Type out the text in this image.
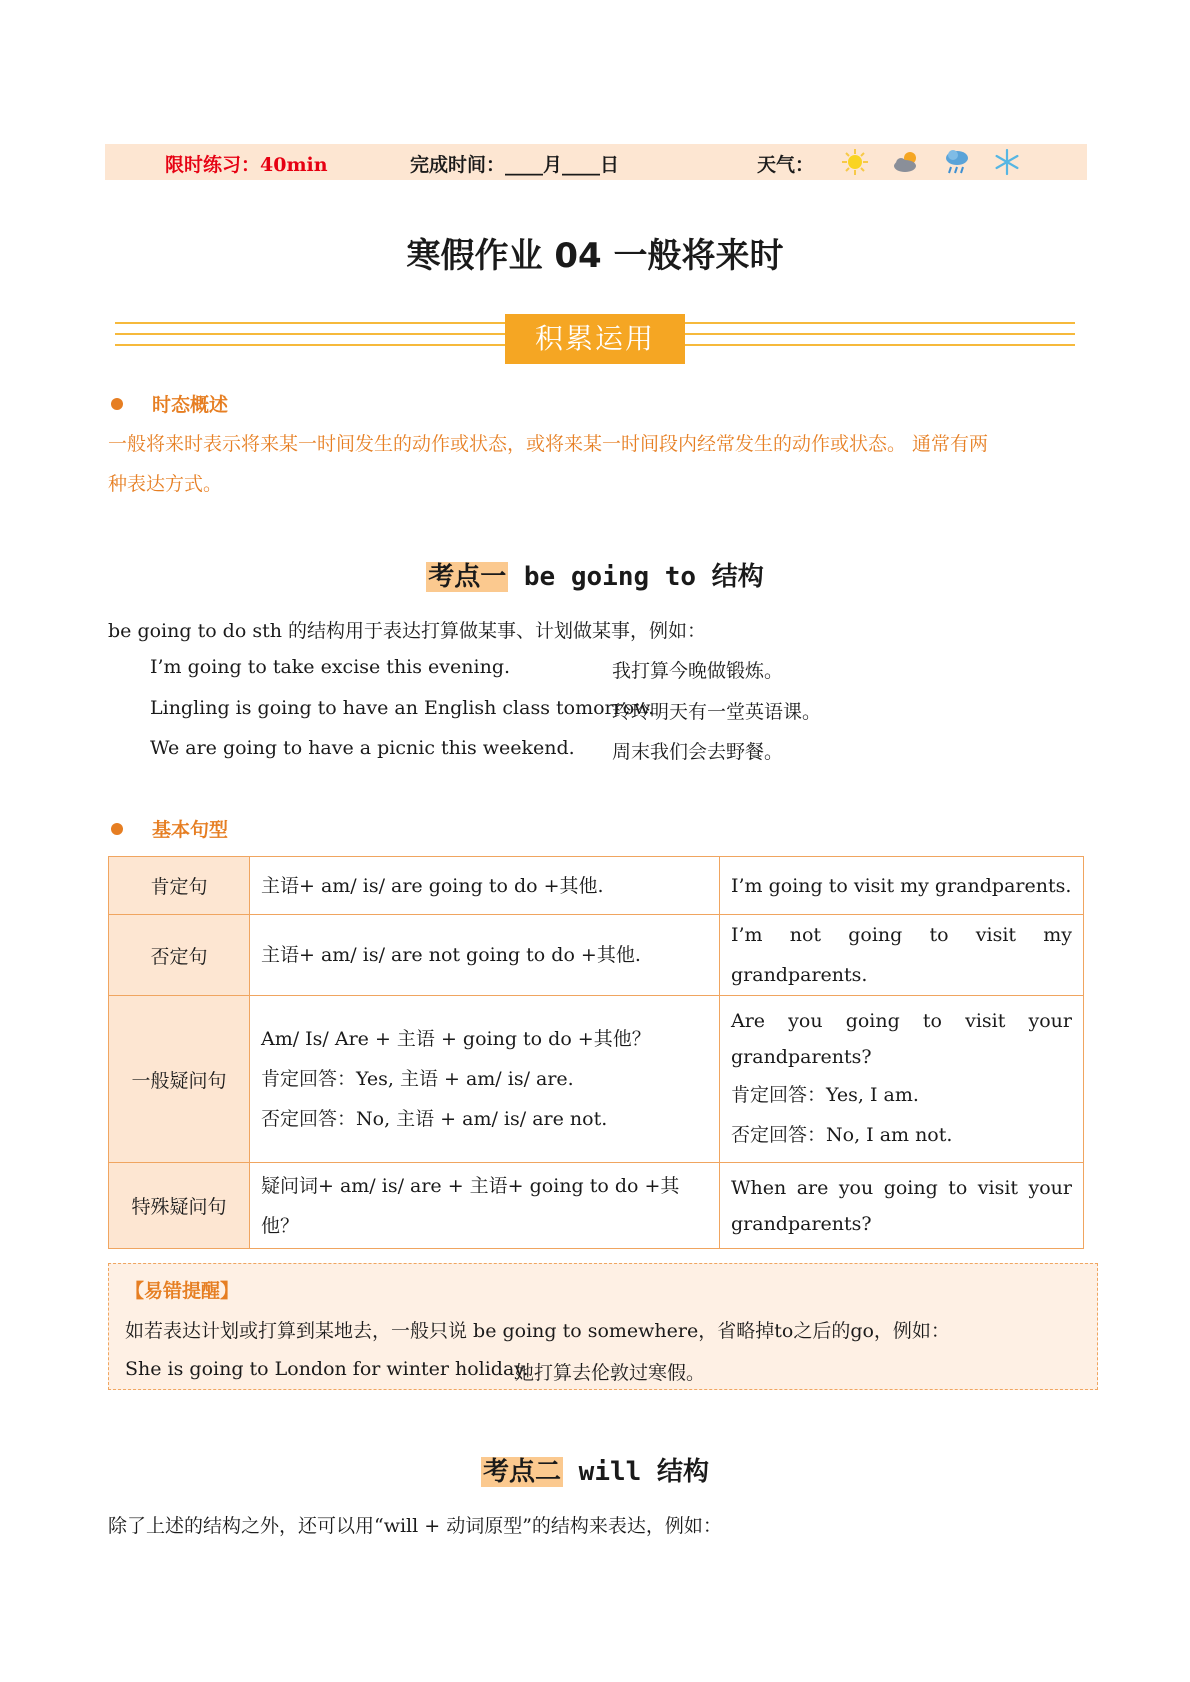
限时练习：40min	完成时间：____月____日	天气：
寒假作业 04 一般将来时
积累运用
时态概述
一般将来时表示将来某一时间发生的动作或状态，或将来某一时间段内经常发生的动作或状态。 通常有两
种表达方式。
考点一 be going to 结构
be going to do sth 的结构用于表达打算做某事、计划做某事，例如：
I’m going to take excise this evening.	我打算今晚做锻炼。
Lingling is going to have an English class tomorrow.
玲玲明天有一堂英语课。
We are going to have a picnic this weekend. 周末我们会去野餐。
基本句型
肯定句	主语+ am/ is/ are going to do +其他.	I’m going to visit my grandparents.

否定句	主语+ am/ is/ are not going to do +其他.	I’m not going to visit my grandparents.

一般疑问句	Am/ Is/ Are + 主语 + going to do +其他？
肯定回答：Yes, 主语 + am/ is/ are.
否定回答：No, 主语 + am/ is/ are not.	Are you going to visit your
grandparents?
肯定回答：Yes, I am.
否定回答：No, I am not.

特殊疑问句	疑问词+ am/ is/ are + 主语+ going to do +其他？	When are you going to visit your
grandparents?
【易错提醒】
如若表达计划或打算到某地去，一般只说 be going to somewhere，省略掉to之后的go，例如：
She is going to London for winter holiday.
她打算去伦敦过寒假。
考点二 will 结构
除了上述的结构之外，还可以用“will + 动词原型”的结构来表达，例如：
